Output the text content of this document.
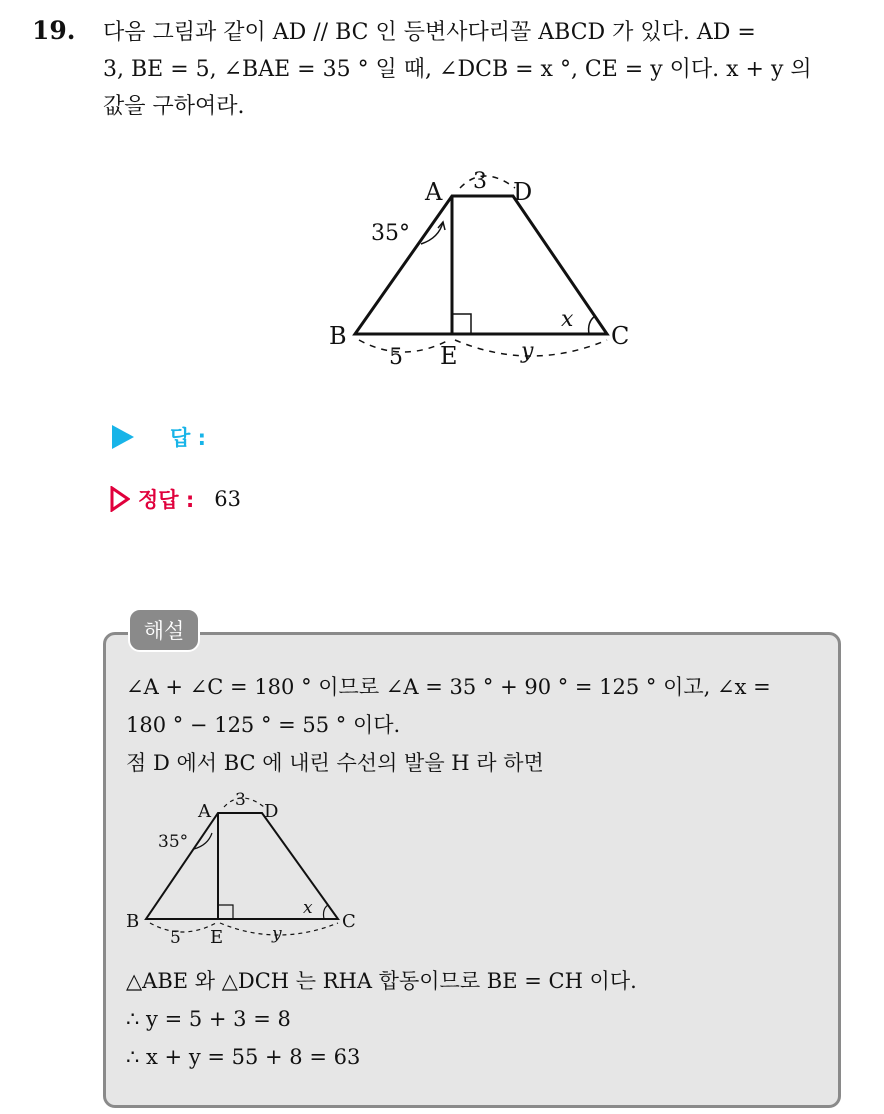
19. 다음 그림과 같이 AD // BC 인 등변사다리꼴 ABCD 가 있다. AD =
3, BE = 5, ∠BAE = 35 ° 일 때, ∠DCB = x °, CE = y 이다. x + y 의
값을 구하여라.
A	D
B	C
E
35°
x
3
5	y
답 :
정답 : 63
해설
∠A + ∠C = 180 ° 이므로 ∠A = 35 ° + 90 ° = 125 ° 이고, ∠x =
180 ° − 125 ° = 55 ° 이다.
점 D 에서 BC 에 내린 수선의 발을 H 라 하면
A	D
B	C
E
35°
x
3
5	y
△ABE 와 △DCH 는 RHA 합동이므로 BE = CH 이다.
∴ y = 5 + 3 = 8
∴ x + y = 55 + 8 = 63
